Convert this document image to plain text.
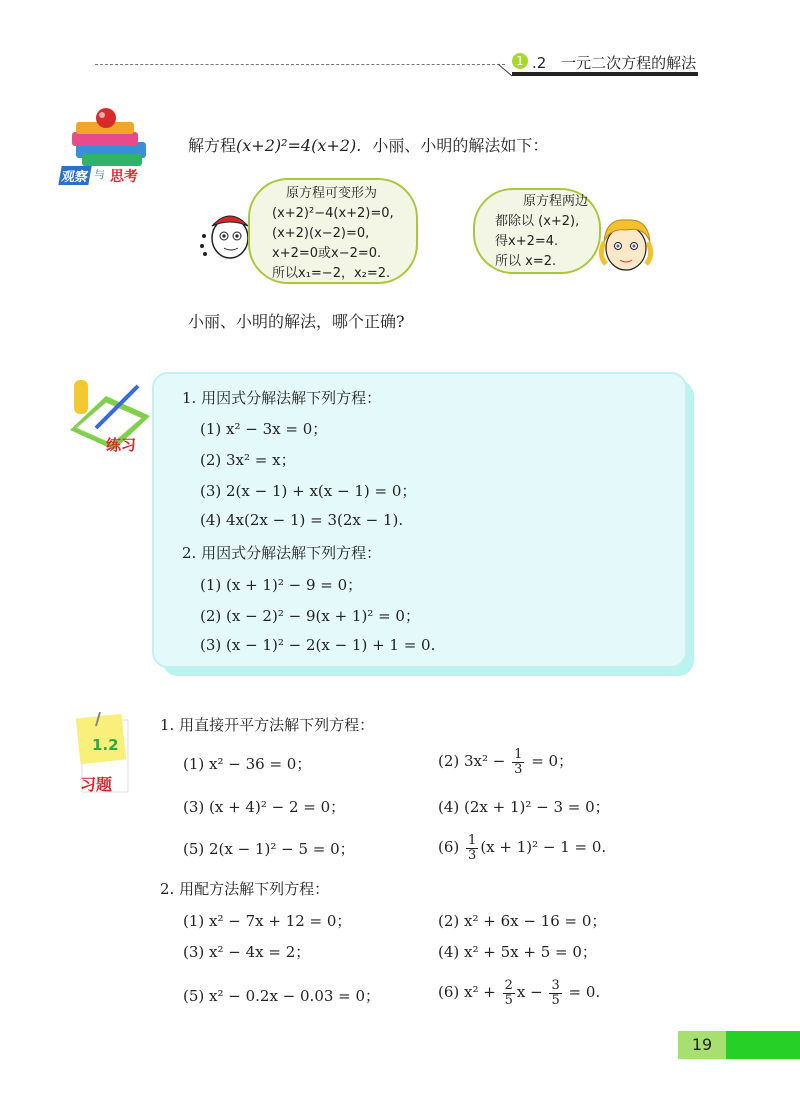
1 .2 一元二次方程的解法
观察 与 思考
解方程(x+2)²=4(x+2). 小丽、小明的解法如下：
原方程可变形为
(x+2)²−4(x+2)=0,
(x+2)(x−2)=0,
x+2=0或x−2=0.
所以x₁=−2，x₂=2.
原方程两边
都除以 (x+2),
得x+2=4.
所以 x=2.
小丽、小明的解法，哪个正确?
练习
1. 用因式分解法解下列方程：
(1) x² − 3x = 0；
(2) 3x² = x；
(3) 2(x − 1) + x(x − 1) = 0；
(4) 4x(2x − 1) = 3(2x − 1).
2. 用因式分解法解下列方程：
(1) (x + 1)² − 9 = 0；
(2) (x − 2)² − 9(x + 1)² = 0；
(3) (x − 1)² − 2(x − 1) + 1 = 0.
1.2
习题
1. 用直接开平方法解下列方程：
(1) x² − 36 = 0；	(2) $3x^2 - \frac{1}{3} = 0$；
(3) (x + 4)² − 2 = 0；	(4) (2x + 1)² − 3 = 0；
(5) 2(x − 1)² − 5 = 0；	$(6) \frac{1}{3} (x + 1)^2 - 1 = 0$.
2. 用配方法解下列方程：
(1) x² − 7x + 12 = 0；	(2) x² + 6x − 16 = 0；
(3) x² − 4x = 2；	(4) x² + 5x + 5 = 0；
(5) x² − 0.2x − 0.03 = 0；	(6) $x^2 + \frac{2}{5}$ $x - \frac{3}{5} = 0$.
19
